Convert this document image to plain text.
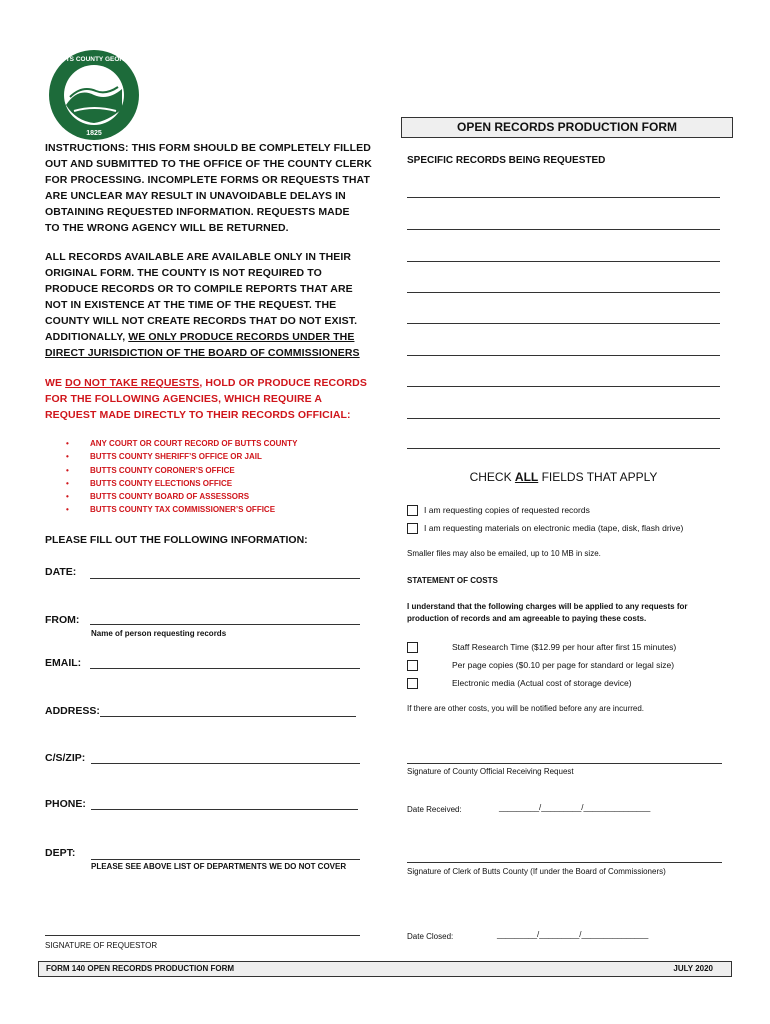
1825
BUTTS COUNTY GEORGIA
OPEN RECORDS PRODUCTION FORM
INSTRUCTIONS: THIS FORM SHOULD BE COMPLETELY FILLED
OUT AND SUBMITTED TO THE OFFICE OF THE COUNTY CLERK
FOR PROCESSING. INCOMPLETE FORMS OR REQUESTS THAT
ARE UNCLEAR MAY RESULT IN UNAVOIDABLE DELAYS IN
OBTAINING REQUESTED INFORMATION. REQUESTS MADE
TO THE WRONG AGENCY WILL BE RETURNED.
ALL RECORDS AVAILABLE ARE AVAILABLE ONLY IN THEIR
ORIGINAL FORM. THE COUNTY IS NOT REQUIRED TO
PRODUCE RECORDS OR TO COMPILE REPORTS THAT ARE
NOT IN EXISTENCE AT THE TIME OF THE REQUEST. THE
COUNTY WILL NOT CREATE RECORDS THAT DO NOT EXIST.
ADDITIONALLY, WE ONLY PRODUCE RECORDS UNDER THE
DIRECT JURISDICTION OF THE BOARD OF COMMISSIONERS
WE DO NOT TAKE REQUESTS, HOLD OR PRODUCE RECORDS
FOR THE FOLLOWING AGENCIES, WHICH REQUIRE A
REQUEST MADE DIRECTLY TO THEIR RECORDS OFFICIAL:
• ANY COURT OR COURT RECORD OF BUTTS COUNTY
• BUTTS COUNTY SHERIFF’S OFFICE OR JAIL
• BUTTS COUNTY CORONER’S OFFICE
• BUTTS COUNTY ELECTIONS OFFICE
• BUTTS COUNTY BOARD OF ASSESSORS
• BUTTS COUNTY TAX COMMISSIONER’S OFFICE
PLEASE FILL OUT THE FOLLOWING INFORMATION:
DATE:
FROM:
Name of person requesting records
EMAIL:
ADDRESS:
C/S/ZIP:
PHONE:
DEPT:
PLEASE SEE ABOVE LIST OF DEPARTMENTS WE DO NOT COVER
SIGNATURE OF REQUESTOR
SPECIFIC RECORDS BEING REQUESTED
CHECK ALL FIELDS THAT APPLY
I am requesting copies of requested records
I am requesting materials on electronic media (tape, disk, flash drive)
Smaller files may also be emailed, up to 10 MB in size.
STATEMENT OF COSTS
I understand that the following charges will be applied to any requests for
production of records and am agreeable to paying these costs.
Staff Research Time ($12.99 per hour after first 15 minutes)
Per page copies ($0.10 per page for standard or legal size)
Electronic media (Actual cost of storage device)
If there are other costs, you will be notified before any are incurred.
Signature of County Official Receiving Request
Date Received:	_________/_________/_______________
Signature of Clerk of Butts County (If under the Board of Commissioners)
Date Closed:	_________/_________/_______________
FORM 140 OPEN RECORDS PRODUCTION FORM	JULY 2020
